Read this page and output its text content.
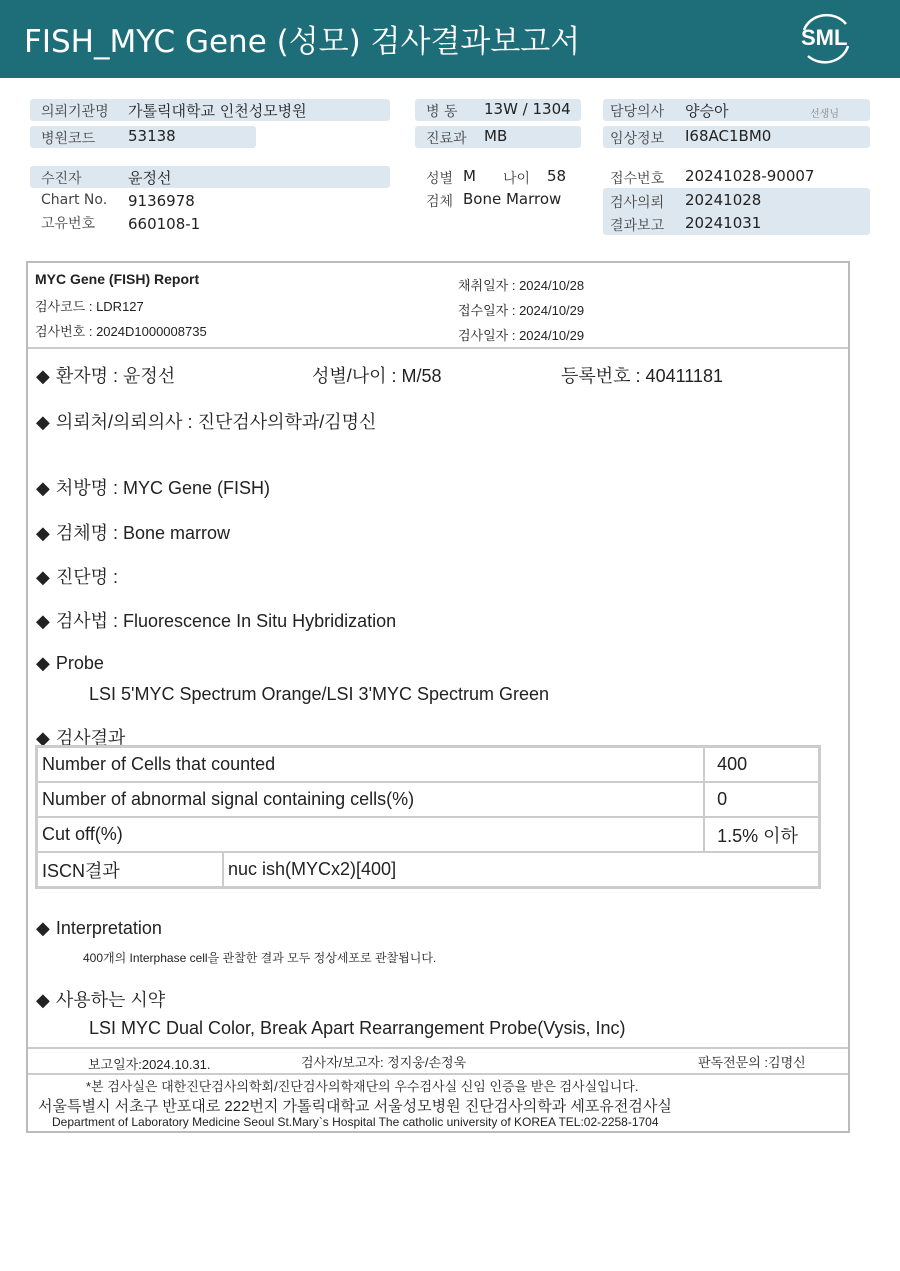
FISH_MYC Gene (성모) 검사결과보고서	SML
의뢰기관명 가톨릭대학교 인천성모병원
병원코드 53138
병 동 13W / 1304
진료과 MB
담당의사 양승아	선생님
임상정보 I68AC1BM0
수진자	윤정선
Chart No. 9136978
고유번호 660108-1
성별 M 나이 58
검체 Bone Marrow
접수번호 20241028-90007
검사의뢰 20241028
결과보고 20241031
MYC Gene (FISH) Report
검사코드 : LDR127
검사번호 : 2024D1000008735
채취일자 : 2024/10/28
접수일자 : 2024/10/29
검사일자 : 2024/10/29
◆ 환자명 : 윤정선	성별/나이 : M/58	등록번호 : 40411181
◆ 의뢰처/의뢰의사 : 진단검사의학과/김명신
◆ 처방명 : MYC Gene (FISH)
◆ 검체명 : Bone marrow
◆ 진단명 :
◆ 검사법 : Fluorescence In Situ Hybridization
◆ Probe
LSI 5'MYC Spectrum Orange/LSI 3'MYC Spectrum Green
◆ 검사결과
Number of Cells that counted		400
Number of abnormal signal containing cells(%)		0
Cut off(%)		1.5% 이하
ISCN결과	nuc ish(MYCx2)[400]	
◆ Interpretation
400개의 Interphase cell을 관찰한 결과 모두 정상세포로 관찰됩니다.
◆ 사용하는 시약
LSI MYC Dual Color, Break Apart Rearrangement Probe(Vysis, Inc)
보고일자:2024.10.31.	검사자/보고자: 정지웅/손정욱	판독전문의 :김명신
*본 검사실은 대한진단검사의학회/진단검사의학재단의 우수검사실 신임 인증을 받은 검사실입니다.
서울특별시 서초구 반포대로 222번지 가톨릭대학교 서울성모병원 진단검사의학과 세포유전검사실
Department of Laboratory Medicine Seoul St.Mary`s Hospital The catholic university of KOREA TEL:02-2258-1704
